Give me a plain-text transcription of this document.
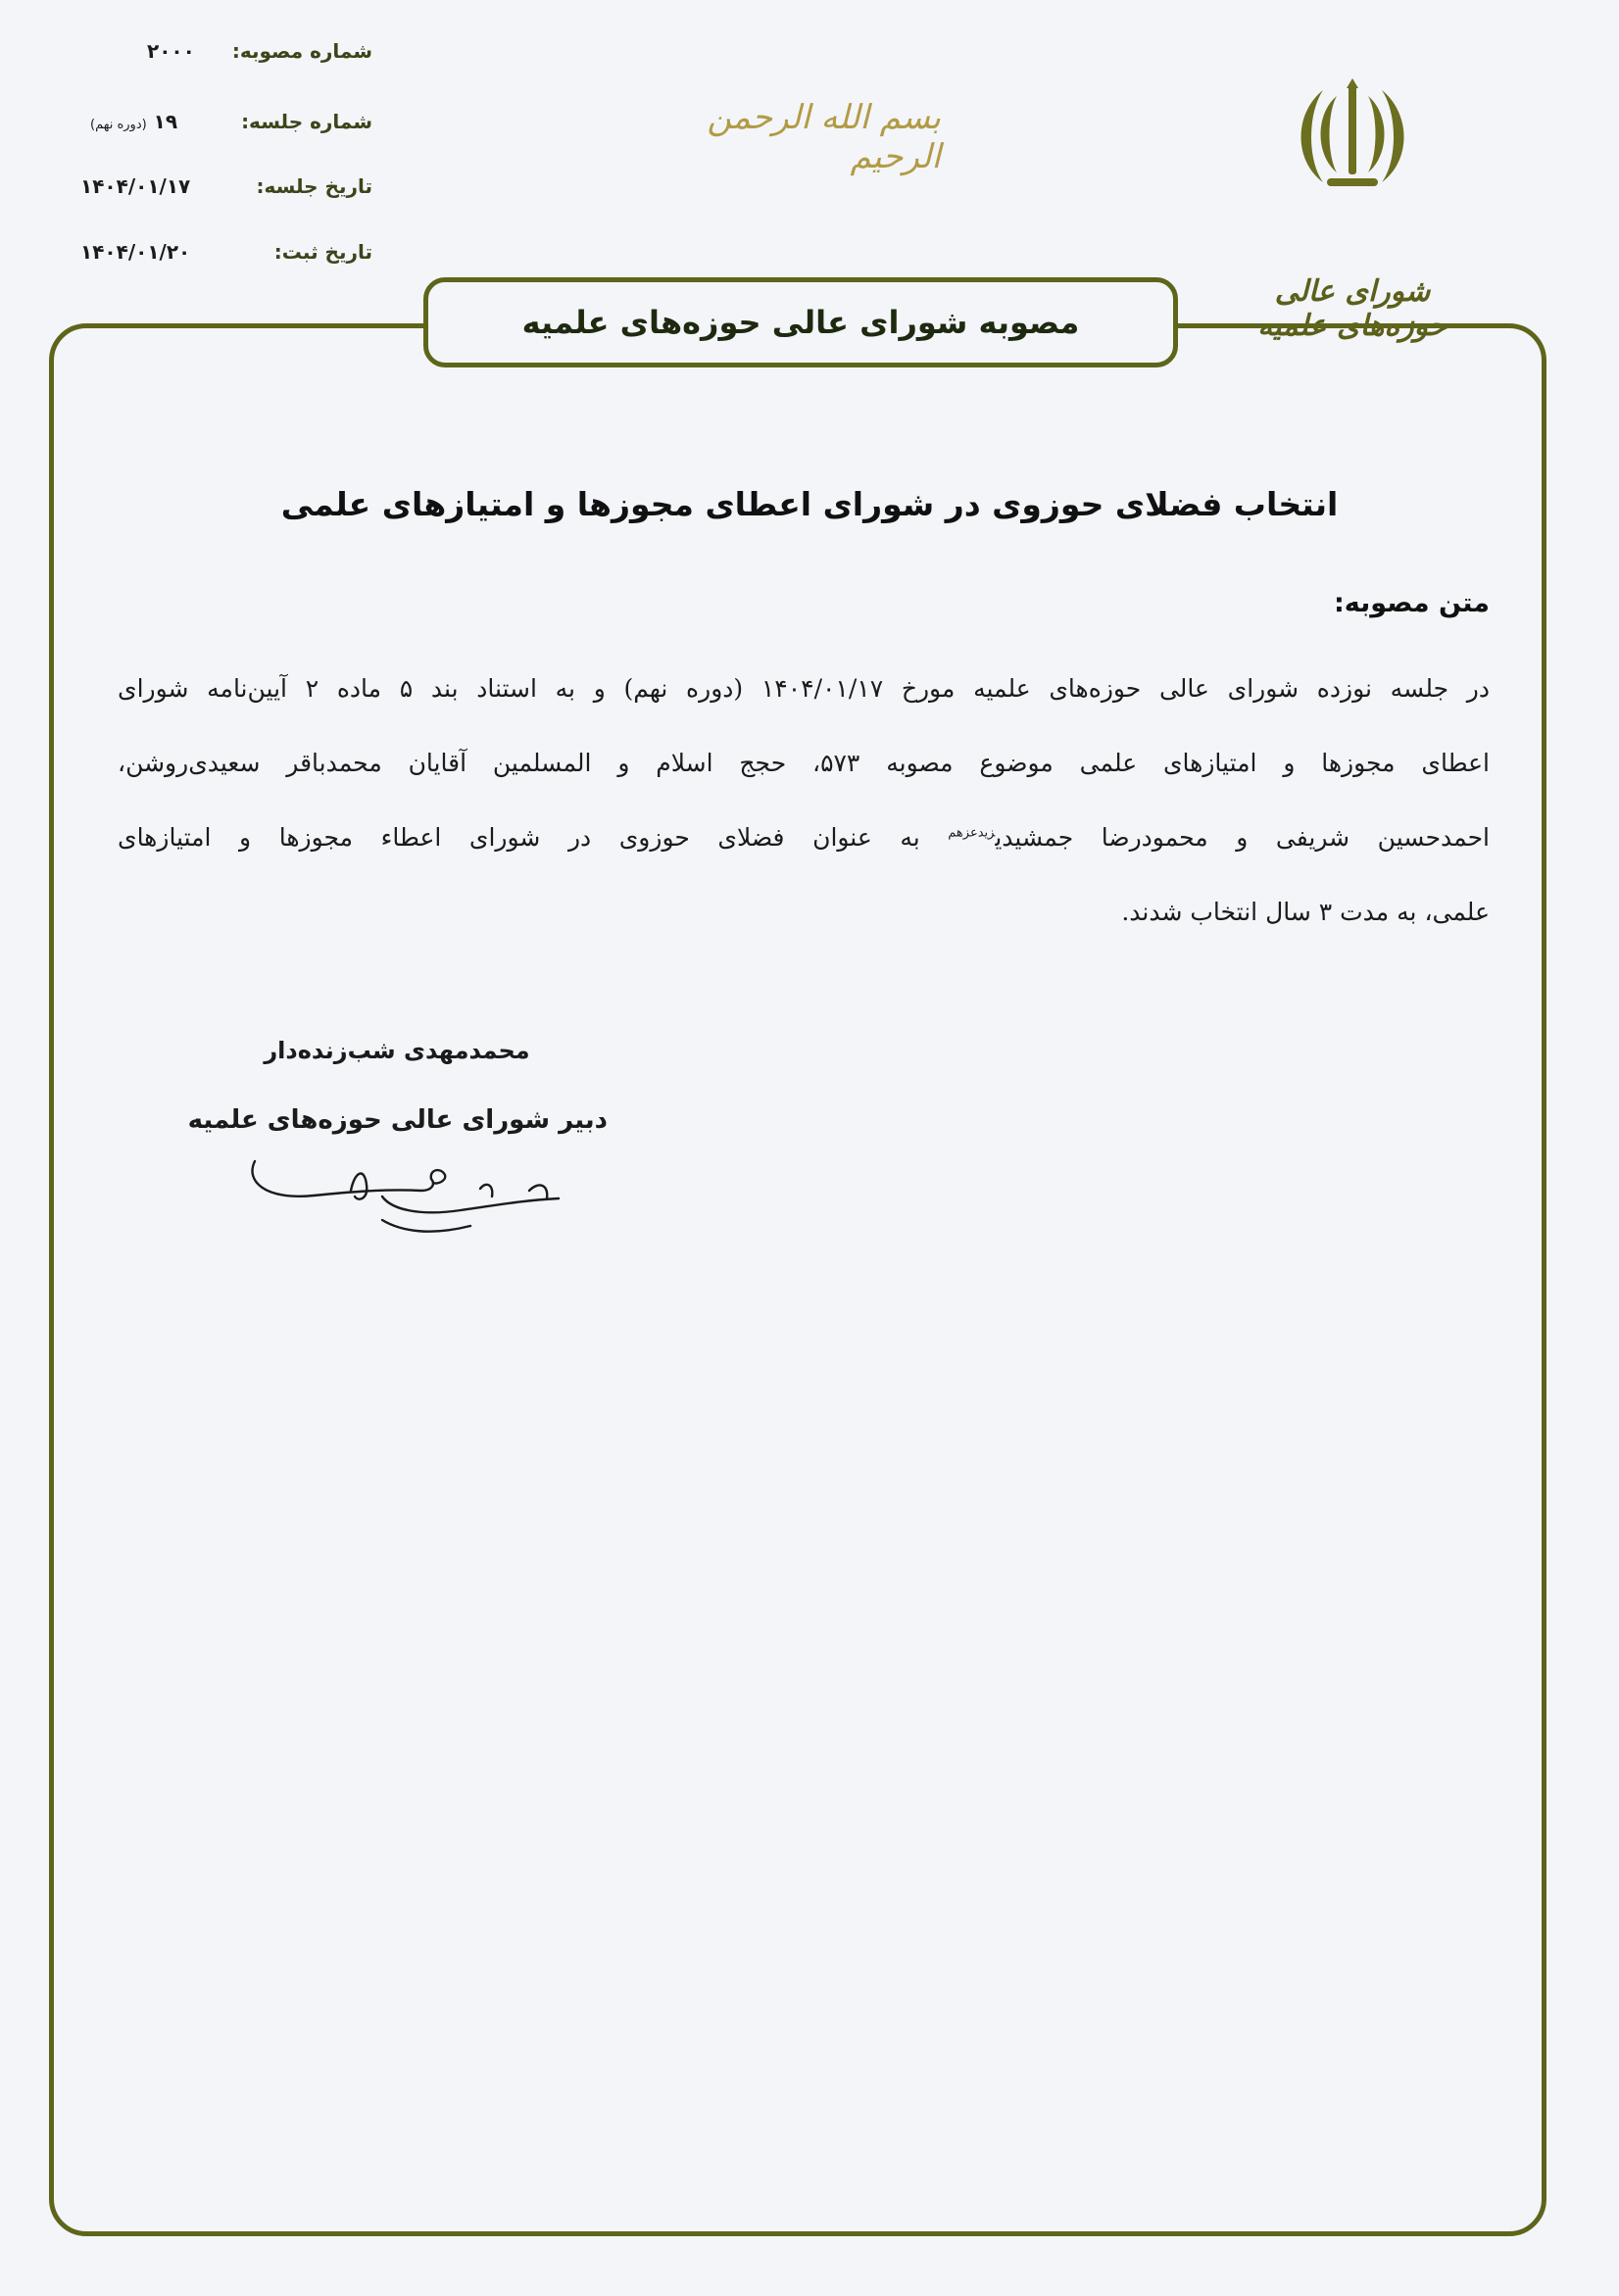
شورای عالی حوزه‌های علمیه
بسم الله الرحمن الرحیم
شماره مصوبه:
۲۰۰۰
شماره جلسه:
۱۹ (دوره نهم)
تاریخ جلسه:
۱۴۰۴/۰۱/۱۷
تاریخ ثبت:
۱۴۰۴/۰۱/۲۰
مصوبه شورای عالی حوزه‌های علمیه
انتخاب فضلای حوزوی در شورای اعطای مجوزها و امتیازهای علمی
متن مصوبه:
در جلسه نوزده شورای عالی حوزه‌های علمیه مورخ ۱۴۰۴/۰۱/۱۷ (دوره نهم) و به استناد بند ۵ ماده ۲ آیین‌نامه شورای
اعطای مجوزها و امتیازهای علمی موضوع مصوبه ۵۷۳، حجج اسلام و المسلمین آقایان محمدباقر سعیدی‌روشن،
احمدحسین شریفی و محمودرضا جمشیدی$^{زیدعزهم}$ به عنوان فضلای حوزوی در شورای اعطاء مجوزها و امتیازهای
علمی، به مدت ۳ سال انتخاب شدند.
محمدمهدی شب‌زنده‌دار
دبیر شورای عالی حوزه‌های علمیه
